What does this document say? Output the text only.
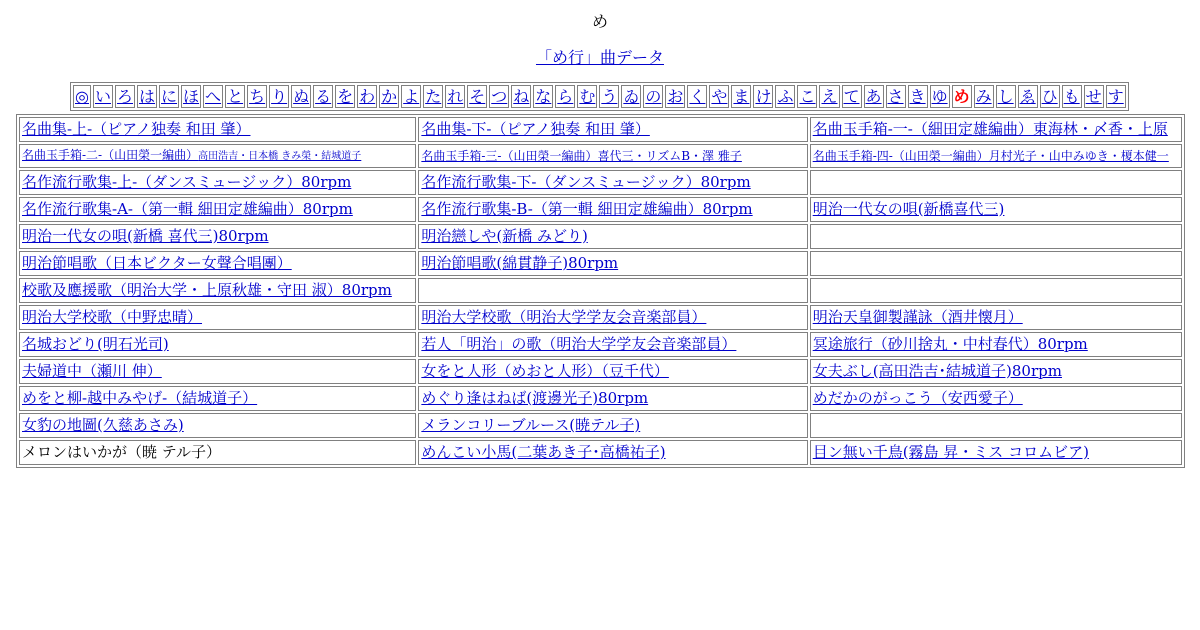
め
「め行」曲データ
◎	い	ろ	は	に	ほ	へ	と	ち	り	ぬ	る	を	わ	か	よ	た	れ	そ	つ	ね	な	ら	む	う	ゐ	の	お	く	や	ま	け	ふ	こ	え	て	あ	さ	き	ゆ	め	み	し	ゑ	ひ	も	せ	す
名曲集-上-（ピアノ独奏 和田 肇）	名曲集-下-（ピアノ独奏 和田 肇）	名曲玉手箱-一-（細田定雄編曲）東海林・〆香・上原
名曲玉手箱-二-（山田榮一編曲）高田浩吉・日本橋 きみ榮・結城道子	名曲玉手箱-三-（山田榮一編曲）喜代三・リズムB・澤 雅子	名曲玉手箱-四-（山田榮一編曲）月村光子・山中みゆき・榎本健一
名作流行歌集-上-（ダンスミュージック）80rpm	名作流行歌集-下-（ダンスミュージック）80rpm	
名作流行歌集-A-（第一輯 細田定雄編曲）80rpm	名作流行歌集-B-（第一輯 細田定雄編曲）80rpm	明治一代女の唄(新橋喜代三)
明治一代女の唄(新橋 喜代三)80rpm	明治戀しや(新橋 みどり)	
明治節唱歌（日本ビクター女聲合唱團）	明治節唱歌(綿貫静子)80rpm	
校歌及應援歌（明治大学・上原秋雄・守田 淑）80rpm		
明治大学校歌（中野忠晴）	明治大学校歌（明治大学学友会音楽部員）	明治天皇御製謹詠（酒井懐月）
名城おどり(明石光司)	若人「明治」の歌（明治大学学友会音楽部員）	冥途旅行（砂川捨丸・中村春代）80rpm
夫婦道中（瀬川 伸）	女をと人形（めおと人形）（豆千代）	女夫ぶし(高田浩吉･結城道子)80rpm
めをと柳-越中みやげ-（結城道子）	めぐり逢はねば(渡邊光子)80rpm	めだかのがっこう（安西愛子）
女豹の地圖(久慈あさみ)	メランコリーブルース(暁テル子)	
メロンはいかが（暁 テル子）	めんこい小馬(二葉あき子･高橋祐子)	目ン無い千鳥(霧島 昇・ミス コロムビア)
